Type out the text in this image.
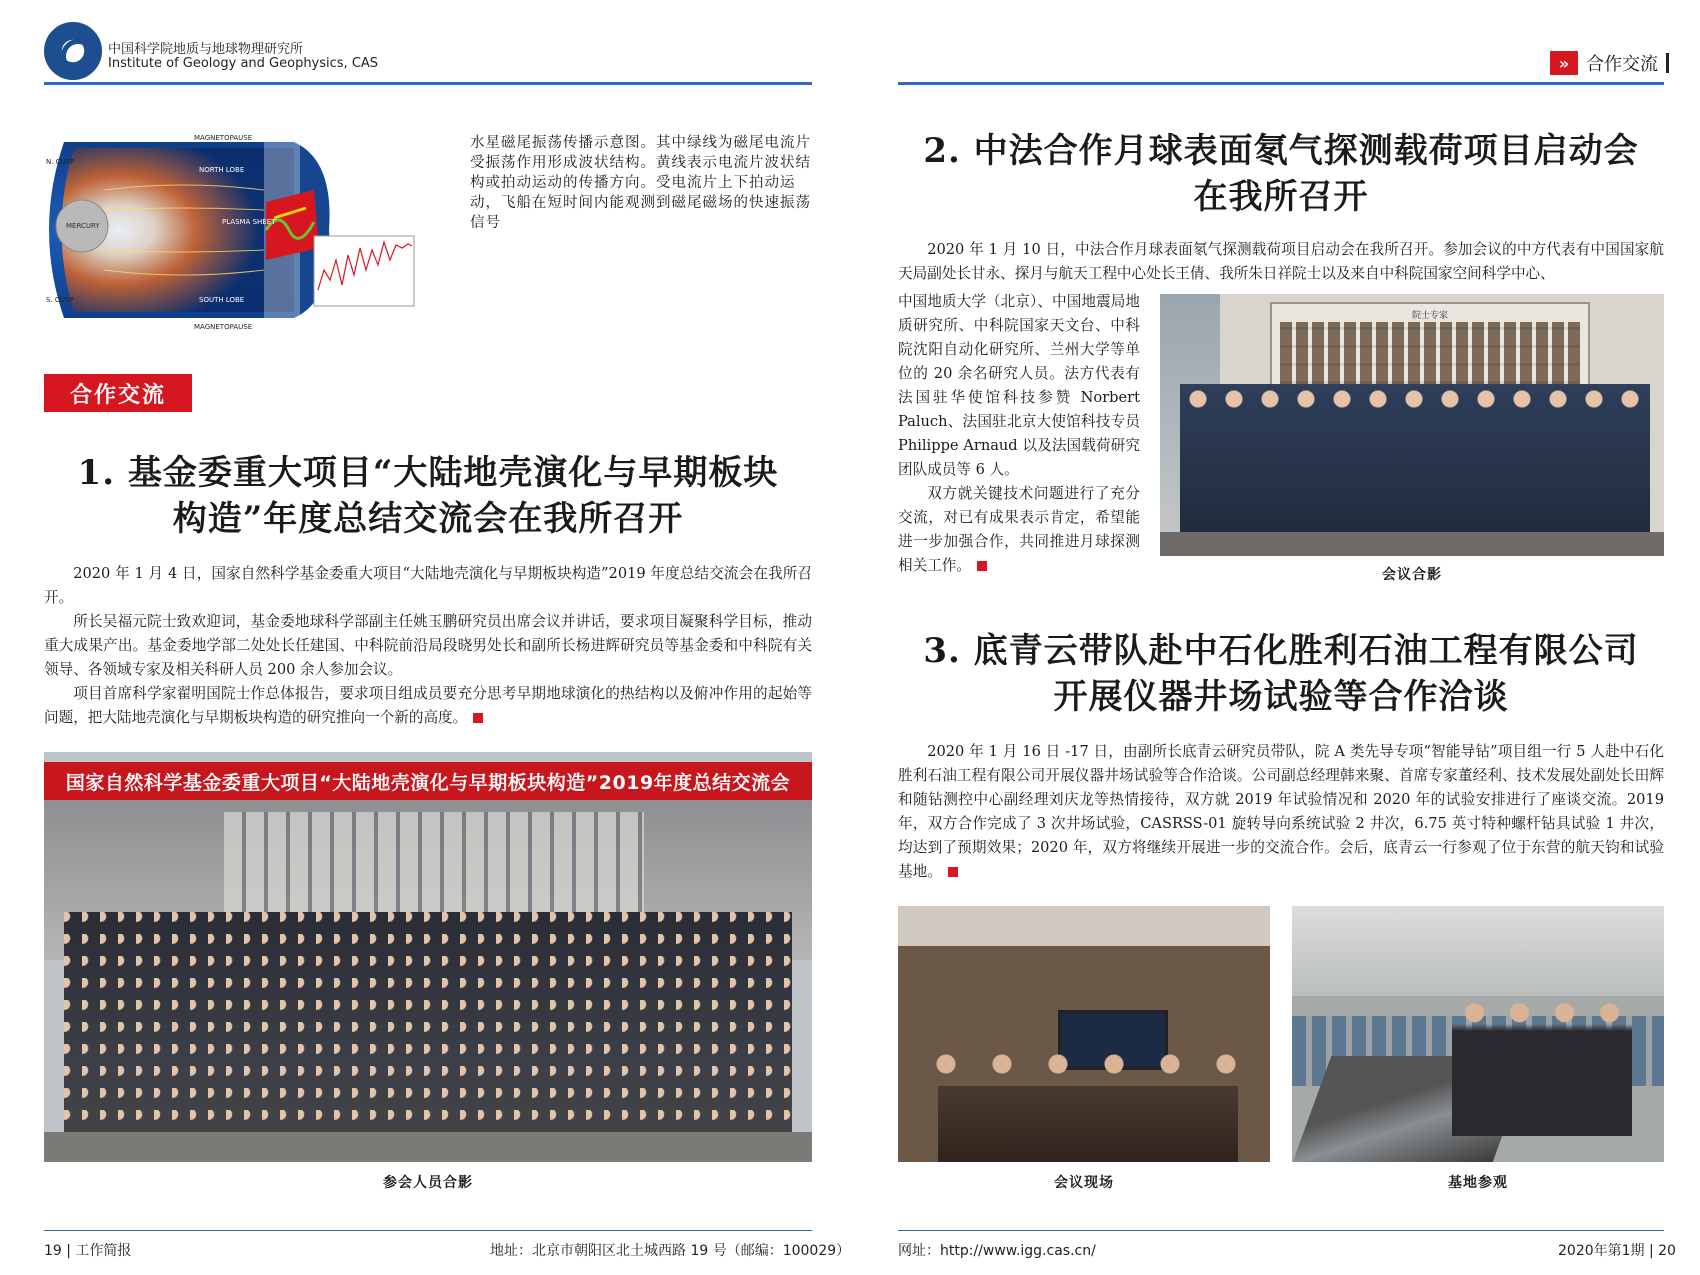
中国科学院地质与地球物理研究所
Institute of Geology and Geophysics, CAS
MAGNETOPAUSE
N. CUSP
NORTH LOBE
MERCURY	PLASMA SHEET
S. CUSP	SOUTH LOBE
MAGNETOPAUSE
水星磁尾振荡传播示意图。其中绿线为磁尾电流片受振荡作用形成波状结构。黄线表示电流片波状结构或拍动运动的传播方向。受电流片上下拍动运动，飞船在短时间内能观测到磁尾磁场的快速振荡信号
合作交流
1. 基金委重大项目“大陆地壳演化与早期板块
构造”年度总结交流会在我所召开

2020 年 1 月 4 日，国家自然科学基金委重大项目“大陆地壳演化与早期板块构造”2019 年度总结交流会在我所召开。

所长吴福元院士致欢迎词，基金委地球科学部副主任姚玉鹏研究员出席会议并讲话，要求项目凝聚科学目标，推动重大成果产出。基金委地学部二处处长任建国、中科院前沿局段晓男处长和副所长杨进辉研究员等基金委和中科院有关领导、各领域专家及相关科研人员 200 余人参加会议。

项目首席科学家翟明国院士作总体报告，要求项目组成员要充分思考早期地球演化的热结构以及俯冲作用的起始等问题，把大陆地壳演化与早期板块构造的研究推向一个新的高度。

国家自然科学基金委重大项目“大陆地壳演化与早期板块构造”2019年度总结交流会
参会人员合影
19 | 工作简报	地址：北京市朝阳区北土城西路 19 号（邮编：100029）
» 合作交流
2. 中法合作月球表面氡气探测载荷项目启动会
在我所召开

2020 年 1 月 10 日，中法合作月球表面氡气探测载荷项目启动会在我所召开。参加会议的中方代表有中国国家航天局副处长甘永、探月与航天工程中心处长王倩、我所朱日祥院士以及来自中科院国家空间科学中心、

中国地质大学（北京）、中国地震局地质研究所、中科院国家天文台、中科院沈阳自动化研究所、兰州大学等单位的 20 余名研究人员。法方代表有法国驻华使馆科技参赞 Norbert Paluch、法国驻北京大使馆科技专员 Philippe Arnaud 以及法国载荷研究团队成员等 6 人。

双方就关键技术问题进行了充分交流，对已有成果表示肯定，希望能进一步加强合作，共同推进月球探测相关工作。

院士专家
会议合影
3. 底青云带队赴中石化胜利石油工程有限公司
开展仪器井场试验等合作洽谈

2020 年 1 月 16 日 -17 日，由副所长底青云研究员带队，院 A 类先导专项“智能导钻”项目组一行 5 人赴中石化胜利石油工程有限公司开展仪器井场试验等合作洽谈。公司副总经理韩来聚、首席专家董经利、技术发展处副处长田辉和随钻测控中心副经理刘庆龙等热情接待，双方就 2019 年试验情况和 2020 年的试验安排进行了座谈交流。2019 年，双方合作完成了 3 次井场试验，CASRSS-01 旋转导向系统试验 2 井次，6.75 英寸特种螺杆钻具试验 1 井次，均达到了预期效果；2020 年，双方将继续开展进一步的交流合作。会后，底青云一行参观了位于东营的航天钧和试验基地。

会议现场	基地参观
网址：http://www.igg.cas.cn/	2020年第1期 | 20
